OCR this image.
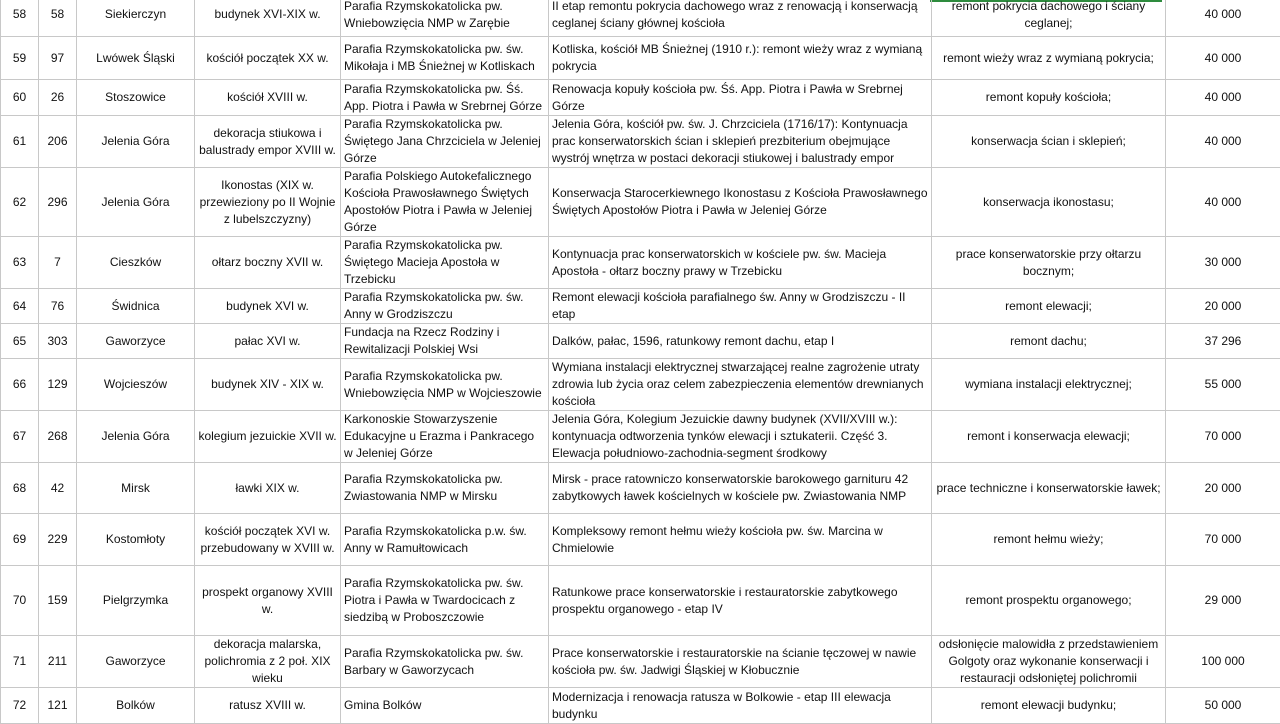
58	58	Siekierczyn	budynek XVI-XIX w.	Parafia Rzymskokatolicka pw. Wniebowzięcia NMP w Zarębie	II etap remontu pokrycia dachowego wraz z renowacją i konserwacją ceglanej ściany głównej kościoła	remont pokrycia dachowego i ściany ceglanej;	40 000
59	97	Lwówek Śląski	kościół początek XX w.	Parafia Rzymskokatolicka pw. św. Mikołaja i MB Śnieżnej w Kotliskach	Kotliska, kościół MB Śnieżnej (1910 r.): remont wieży wraz z wymianą pokrycia	remont wieży wraz z wymianą pokrycia;	40 000
60	26	Stoszowice	kościół XVIII w.	Parafia Rzymskokatolicka pw. Śś. App. Piotra i Pawła w Srebrnej Górze	Renowacja kopuły kościoła pw. Śś. App. Piotra i Pawła w Srebrnej Górze	remont kopuły kościoła;	40 000
61	206	Jelenia Góra	dekoracja stiukowa i balustrady empor XVIII w.	Parafia Rzymskokatolicka pw. Świętego Jana Chrzciciela w Jeleniej Górze	Jelenia Góra, kościół pw. św. J. Chrzciciela (1716/17): Kontynuacja prac konserwatorskich ścian i sklepień prezbiterium obejmujące wystrój wnętrza w postaci dekoracji stiukowej i balustrady empor	konserwacja ścian i sklepień;	40 000
62	296	Jelenia Góra	Ikonostas (XIX w. przewieziony po II Wojnie z lubelszczyzny)	Parafia Polskiego Autokefalicznego Kościoła Prawosławnego Świętych Apostołów Piotra i Pawła w Jeleniej Górze	Konserwacja Starocerkiewnego Ikonostasu z Kościoła Prawosławnego Świętych Apostołów Piotra i Pawła w Jeleniej Górze	konserwacja ikonostasu;	40 000
63	7	Cieszków	ołtarz boczny XVII w.	Parafia Rzymskokatolicka pw. Świętego Macieja Apostoła w Trzebicku	Kontynuacja prac konserwatorskich w kościele pw. św. Macieja Apostoła - ołtarz boczny prawy w Trzebicku	prace konserwatorskie przy ołtarzu bocznym;	30 000
64	76	Świdnica	budynek XVI w.	Parafia Rzymskokatolicka pw. św. Anny w Grodziszczu	Remont elewacji kościoła parafialnego św. Anny w Grodziszczu - II etap	remont elewacji;	20 000
65	303	Gaworzyce	pałac XVI w.	Fundacja na Rzecz Rodziny i Rewitalizacji Polskiej Wsi	Dalków, pałac, 1596, ratunkowy remont dachu, etap I	remont dachu;	37 296
66	129	Wojcieszów	budynek XIV - XIX w.	Parafia Rzymskokatolicka pw. Wniebowzięcia NMP w Wojcieszowie	Wymiana instalacji elektrycznej stwarzającej realne zagrożenie utraty zdrowia lub życia oraz celem zabezpieczenia elementów drewnianych kościoła	wymiana instalacji elektrycznej;	55 000
67	268	Jelenia Góra	kolegium jezuickie XVII w.	Karkonoskie Stowarzyszenie Edukacyjne u Erazma i Pankracego w Jeleniej Górze	Jelenia Góra, Kolegium Jezuickie dawny budynek (XVII/XVIII w.): kontynuacja odtworzenia tynków elewacji i sztukaterii. Część 3. Elewacja południowo-zachodnia-segment środkowy	remont i konserwacja elewacji;	70 000
68	42	Mirsk	ławki XIX w.	Parafia Rzymskokatolicka pw. Zwiastowania NMP w Mirsku	Mirsk - prace ratowniczo konserwatorskie barokowego garnituru 42 zabytkowych ławek kościelnych w kościele pw. Zwiastowania NMP	prace techniczne i konserwatorskie ławek;	20 000
69	229	Kostomłoty	kościół początek XVI w. przebudowany w XVIII w.	Parafia Rzymskokatolicka p.w. św. Anny w Ramułtowicach	Kompleksowy remont hełmu wieży kościoła pw. św. Marcina w Chmielowie	remont hełmu wieży;	70 000
70	159	Pielgrzymka	prospekt organowy XVIII w.	Parafia Rzymskokatolicka pw. św. Piotra i Pawła w Twardocicach z siedzibą w Proboszczowie	Ratunkowe prace konserwatorskie i restauratorskie zabytkowego prospektu organowego - etap IV	remont prospektu organowego;	29 000
71	211	Gaworzyce	dekoracja malarska, polichromia z 2 poł. XIX wieku	Parafia Rzymskokatolicka pw. św. Barbary w Gaworzycach	Prace konserwatorskie i restauratorskie na ścianie tęczowej w nawie kościoła pw. św. Jadwigi Śląskiej w Kłobucznie	odsłonięcie malowidła z przedstawieniem Golgoty oraz wykonanie konserwacji i restauracji odsłoniętej polichromii	100 000
72	121	Bolków	ratusz XVIII w.	Gmina Bolków	Modernizacja i renowacja ratusza w Bolkowie - etap III elewacja budynku	remont elewacji budynku;	50 000
